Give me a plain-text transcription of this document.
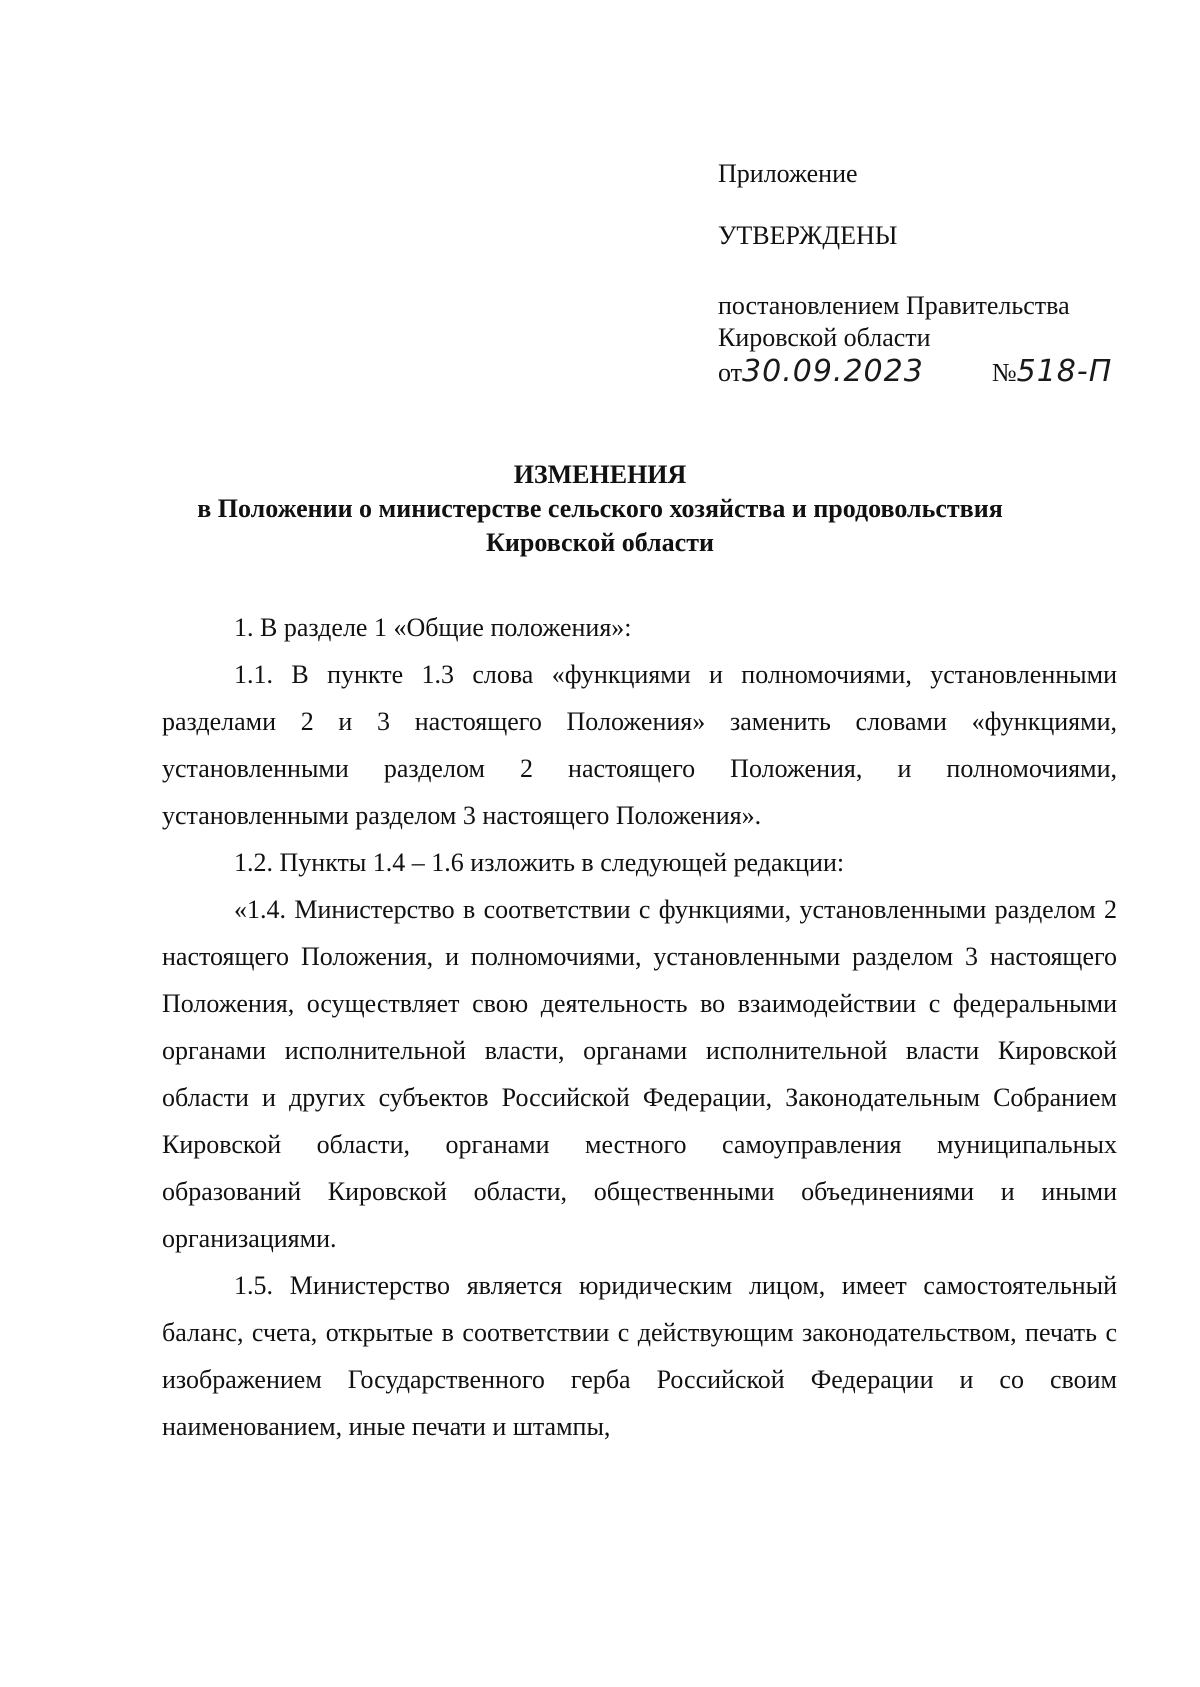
Приложение
УТВЕРЖДЕНЫ
постановлением Правительства
Кировской области
от 30.09.2023	№ 518-П
ИЗМЕНЕНИЯ
в Положении о министерстве сельского хозяйства и продовольствия
Кировской области

1. В разделе 1 «Общие положения»:

1.1. В пункте 1.3 слова «функциями и полномочиями, установленными разделами 2 и 3 настоящего Положения» заменить словами «функциями, установленными разделом 2 настоящего Положения, и полномочиями, установленными разделом 3 настоящего Положения».

1.2. Пункты 1.4 – 1.6 изложить в следующей редакции:

«1.4. Министерство в соответствии с функциями, установленными разделом 2 настоящего Положения, и полномочиями, установленными разделом 3 настоящего Положения, осуществляет свою деятельность во взаимодействии с федеральными органами исполнительной власти, органами исполнительной власти Кировской области и других субъектов Российской Федерации, Законодательным Собранием Кировской области, органами местного самоуправления муниципальных образований Кировской области, общественными объединениями и иными организациями.

1.5. Министерство является юридическим лицом, имеет самостоятельный баланс, счета, открытые в соответствии с действующим законодательством, печать с изображением Государственного герба Российской Федерации и со своим наименованием, иные печати и штампы,
